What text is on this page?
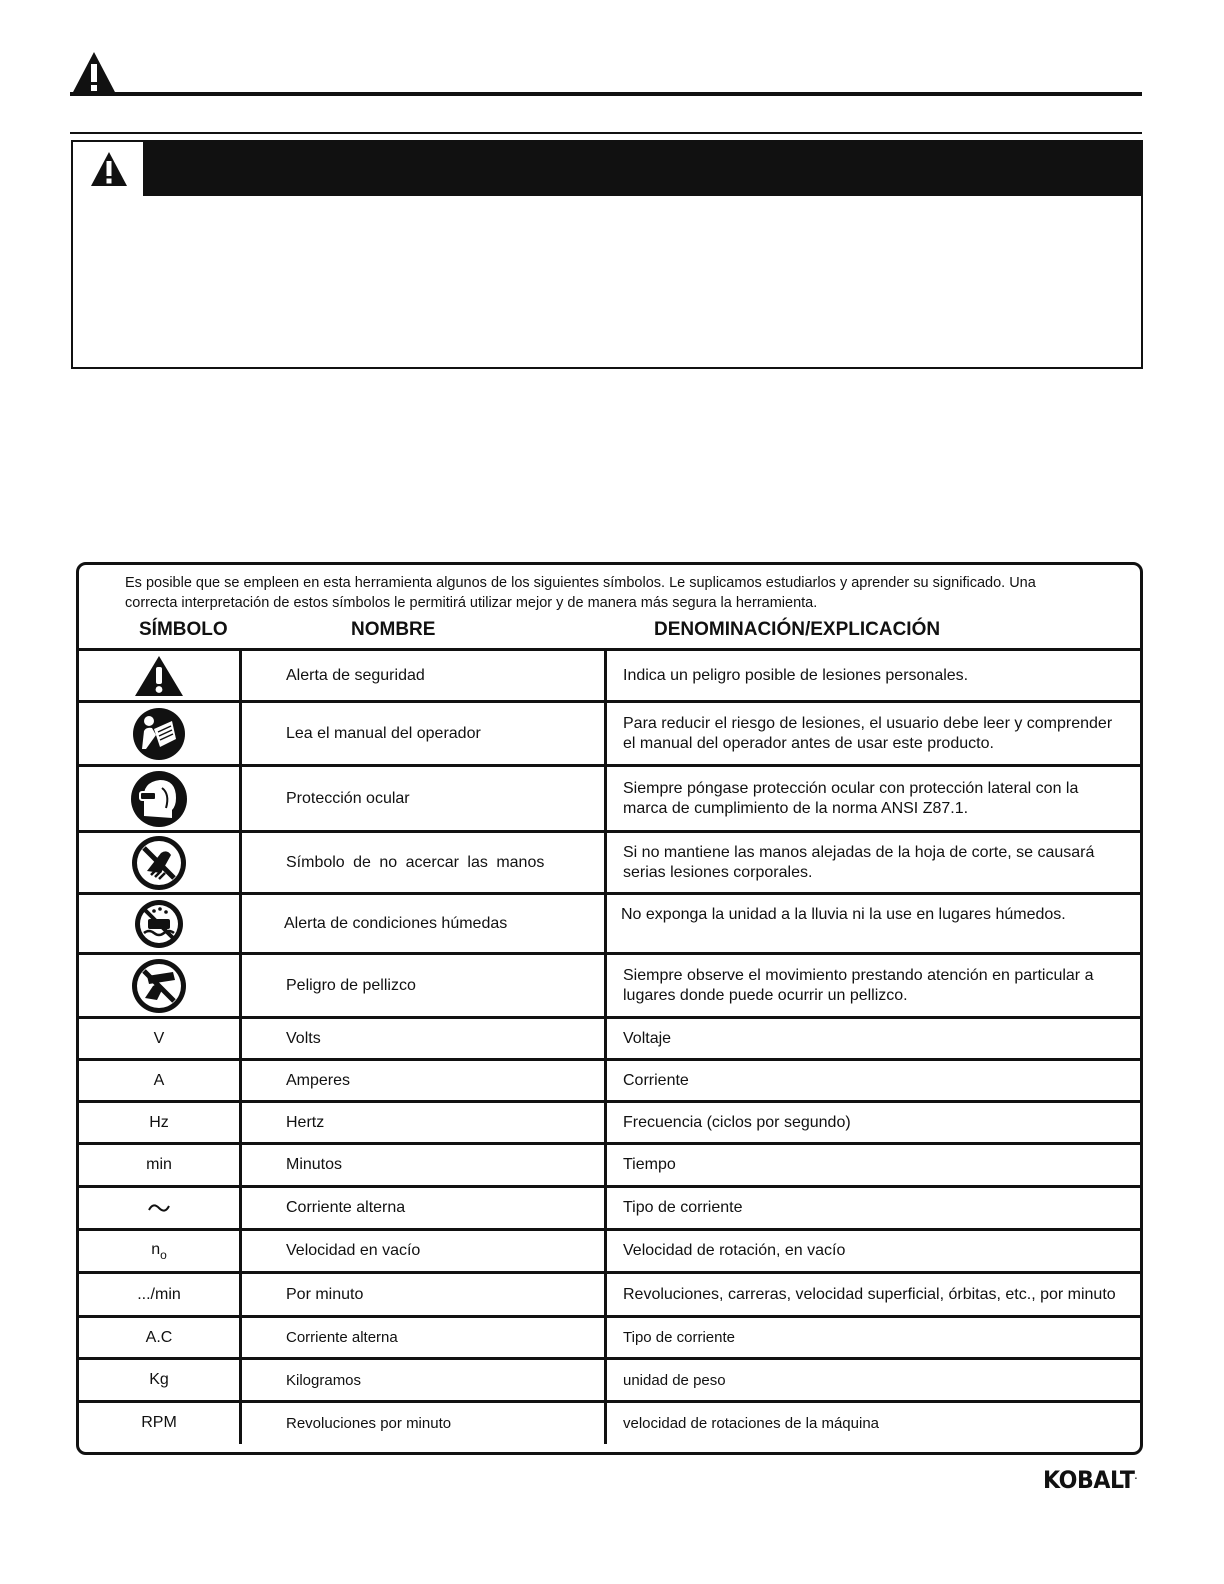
Es posible que se empleen en esta herramienta algunos de los siguientes símbolos. Le suplicamos estudiarlos y aprender su significado. Una correcta interpretación de estos símbolos le permitirá utilizar mejor y de manera más segura la herramienta.

SÍMBOLO	NOMBRE	DENOMINACIÓN/EXPLICACIÓN
	Alerta de seguridad	Indica un peligro posible de lesiones personales.

	Lea el manual del operador	Para reducir el riesgo de lesiones, el usuario debe leer y comprender el manual del operador antes de usar este producto.

	Protección ocular	Siempre póngase protección ocular con protección lateral con la marca de cumplimiento de la norma ANSI Z87.1.

	Símbolo de no acercar las manos	Si no mantiene las manos alejadas de la hoja de corte, se causará serias lesiones corporales.

	Alerta de condiciones húmedas	No exponga la unidad a la lluvia ni la use en lugares húmedos.

	Peligro de pellizco	Siempre observe el movimiento prestando atención en particular a lugares donde puede ocurrir un pellizco.
V	Volts	Voltaje
A	Amperes	Corriente
Hz	Hertz	Frecuencia (ciclos por segundo)
min	Minutos	Tiempo

	Corriente alterna	Tipo de corriente
$n_o$	Velocidad en vacío	Velocidad de rotación, en vacío
.../min	Por minuto	Revoluciones, carreras, velocidad superficial, órbitas, etc., por minuto
A.C	Corriente alterna	Tipo de corriente
Kg	Kilogramos	unidad de peso
RPM	Revoluciones por minuto	velocidad de rotaciones de la máquina
KOBALT.
